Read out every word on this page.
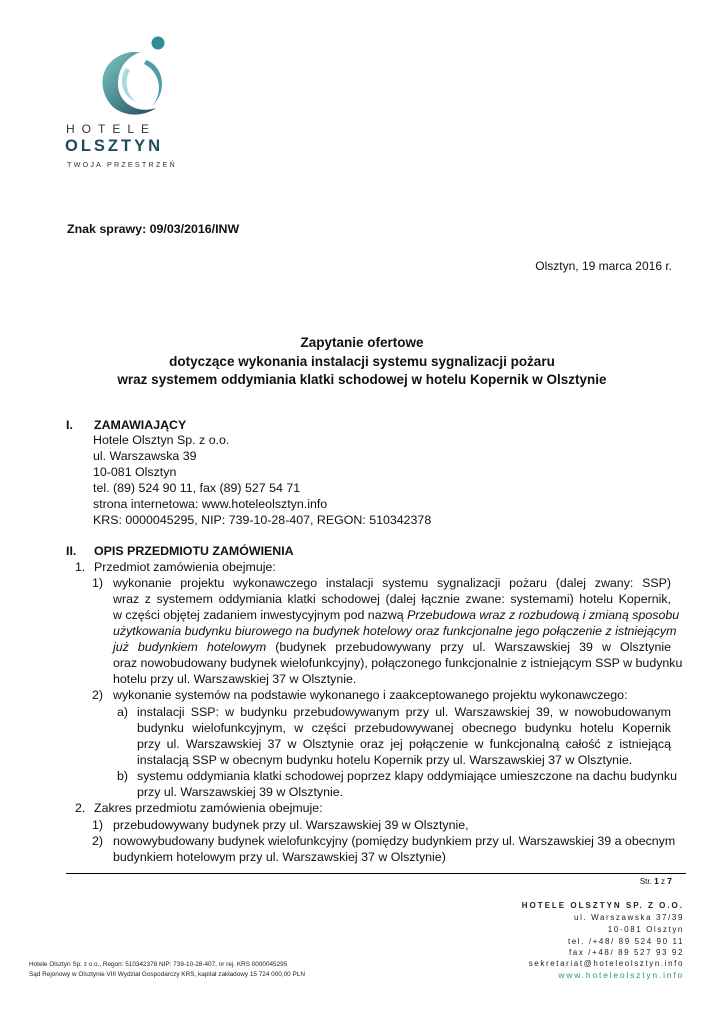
HOTELE
OLSZTYN
TWOJA PRZESTRZEŃ
Znak sprawy: 09/03/2016/INW
Olsztyn, 19 marca 2016 r.
Zapytanie ofertowe
dotyczące wykonania instalacji systemu sygnalizacji pożaru
wraz systemem oddymiania klatki schodowej w hotelu Kopernik w Olsztynie
I. ZAMAWIAJĄCY
Hotele Olsztyn Sp. z o.o.
ul. Warszawska 39
10-081 Olsztyn
tel. (89) 524 90 11, fax (89) 527 54 71
strona internetowa: www.hoteleolsztyn.info
KRS: 0000045295, NIP: 739-10-28-407, REGON: 510342378
II. OPIS PRZEDMIOTU ZAMÓWIENIA
1. Przedmiot zamówienia obejmuje:
1) wykonanie projektu wykonawczego instalacji systemu sygnalizacji pożaru (dalej zwany: SSP)
wraz z systemem oddymiania klatki schodowej (dalej łącznie zwane: systemami) hotelu Kopernik,
w części objętej zadaniem inwestycyjnym pod nazwą Przebudowa wraz z rozbudową i zmianą sposobu
użytkowania budynku biurowego na budynek hotelowy oraz funkcjonalne jego połączenie z istniejącym
już budynkiem hotelowym (budynek przebudowywany przy ul. Warszawskiej 39 w Olsztynie
oraz nowobudowany budynek wielofunkcyjny), połączonego funkcjonalnie z istniejącym SSP w budynku
hotelu przy ul. Warszawskiej 37 w Olsztynie.
2) wykonanie systemów na podstawie wykonanego i zaakceptowanego projektu wykonawczego:
a) instalacji SSP: w budynku przebudowywanym przy ul. Warszawskiej 39, w nowobudowanym
budynku wielofunkcyjnym, w części przebudowywanej obecnego budynku hotelu Kopernik
przy ul. Warszawskiej 37 w Olsztynie oraz jej połączenie w funkcjonalną całość z istniejącą
instalacją SSP w obecnym budynku hotelu Kopernik przy ul. Warszawskiej 37 w Olsztynie.
b) systemu oddymiania klatki schodowej poprzez klapy oddymiające umieszczone na dachu budynku
przy ul. Warszawskiej 39 w Olsztynie.
2. Zakres przedmiotu zamówienia obejmuje:
1) przebudowywany budynek przy ul. Warszawskiej 39 w Olsztynie,
2) nowowybudowany budynek wielofunkcyjny (pomiędzy budynkiem przy ul. Warszawskiej 39 a obecnym
budynkiem hotelowym przy ul. Warszawskiej 37 w Olsztynie)
Str. 1 z 7
HOTELE OLSZTYN SP. Z O.O.
ul. Warszawska 37/39
10-081 Olsztyn
tel. /+48/ 89 524 90 11
fax /+48/ 89 527 93 92
sekretariat@hoteleolsztyn.info
www.hoteleolsztyn.info
Hotele Olsztyn Sp. z o.o., Regon: 510342378 NIP: 739-10-28-407, nr rej. KRS 0000045295
Sąd Rejonowy w Olsztynie VIII Wydział Gospodarczy KRS, kapitał zakładowy 15 724 000,00 PLN
